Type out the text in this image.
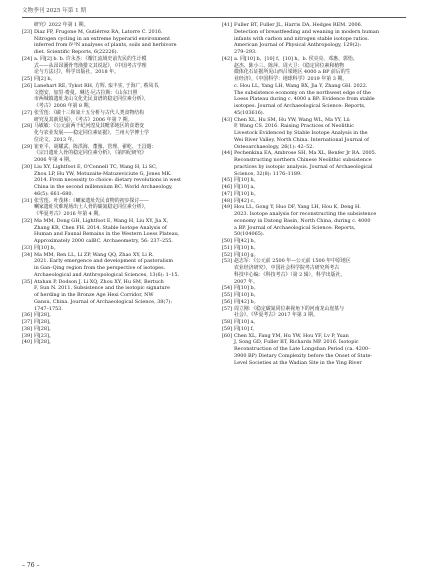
文物季刊 2025 年第 1 期
研究》2022 年第 1 期。
[23] Diaz FP, Frugone M, Gutiérrez RA, Latorre C. 2016.
Nitrogen cycling in an extreme hyperarid environment
inferred from δ¹⁵N analyses of plants, soils and herbivore
diet. Scientific Reports, 6(22226).
[24] a. 同[2] b. b. 许永杰：《瓣江流域史前先民的生计模
式——从昂昂溪骨弯渔猎文其说起》，《中国考古学理
论与方法讨》，科学出版社，2018 年。
[25] 同[2] b。
[26] Lanehart RE, Tykot RH, 方辉, 栾丰实, 于海广, 蔡凤书,
文德安、加里·费曼、琳达·尼古拉斯：《山东日照
市两城镇遗址龙山文化先民食谱的稳定同位素分析》，
《考古》2008 年第 8 期。
[27] 张雪莲：《碳十三和氮十五分析与古代人类食物结构
研究及其新进展》，《考古》2006 年第 7 期。
[28] 马敏敏：《公元前两千纪河湟及其毗邻地区的食谱变
化与农业发展——稳定同位素证据》，兰州大学博士学
位论文，2013 年。
[29] 崔亚平、胡耀武、陈洪海、董豫、管理、翟屹、王昌燧：
《宗日遗址人骨的稳定同位素分析》，《第四纪研究》
2006 年第 4 期。
[30] Liu XY, Lightfoot E, O'Connell TC, Wang H, Li SC,
Zhou LP, Hu YW, Motuzaite-Matuzeviciute G, Jones MK.
2014. From necessity to choice: dietary revolutions in west
China in the second millennium BC. World Archaeology,
46(5): 661–680.
[31] 张雪莲、叶茂林：《喇家遗址先民食物的初步探讨——
喇家遗址灾难现场出土人骨的碳氮稳定同位素分析》，
《华夏考古》2016 年第 4 期。
[32] Ma MM, Dong GH, Lightfoot E, Wang H, Liu XY, Jia X,
Zhang KR, Chen FH. 2014. Stable Isotope Analysis of
Human and Faunal Remains in the Western Loess Plateau,
Approximately 2000 calBC. Archaeometry, 56: 237–255.
[33] 同[10] b。
[34] Ma MM, Ren LL, Li ZP, Wang QQ, Zhao XY, Li R.
2021. Early emergence and development of pastoralism
in Gan–Qing region from the perspective of isotopes.
Archaeological and Anthropological Sciences, 13(6): 1–15.
[35] Atahan P, Dodson J, Li XQ, Zhou XY, Hu SM, Bertuch
F, Sun N. 2011. Subsistence and the isotopic signature
of herding in the Bronze Age Hexi Corridor, NW
Gansu, China. Journal of Archaeological Science, 38(7):
1747–1753.
[36] 同[28]。
[37] 同[28]。
[38] 同[28]。
[39] 同[23]。
[40] 同[28]。
[41] Fuller BT, Fuller JL, Harris DA, Hedges REM. 2006.
Detection of breastfeeding and weaning in modern human
infants with carbon and nitrogen stable isotope ratios.
American Journal of Physical Anthropology, 129(2):
279–293.
[42] a. 同[10] b、[10] f、[10] h。b. 侯亮亮、邓惠、郭怡、
赵杰、陈小三、陈萍、周大卫：《稳定同位素和植物
微体化石证据所见山西吕梁地区 4000 a BP 前后的生
业经济》，《中国科学：地球科学》2019 年第 3 期。
c. Hou LL, Yang LH, Wang BX, Jia Y, Zhang GH. 2022.
The subsistence economy on the northwest edge of the
Loess Plateau during c. 4000 a BP: Evidence from stable
isotopes. Journal of Archaeological Science: Reports,
45(103616).
[43] Chen XL, Hu SM, Hu YW, Wang WL, Ma YY, Lü
P, Wang CS. 2016. Raising Practices of Neolithic
Livestock Evidenced by Stable Isotope Analysis in the
Wei River Valley, North China. International Journal of
Osteoarchaeology, 26(1): 42–52.
[44] Pechenkina EA, Ambrose SH, Ma XL, Benfer Jr RA. 2005.
Reconstructing northern Chinese Neolithic subsistence
practices by isotopic analysis. Journal of Archaeological
Science, 32(8): 1176–1189.
[45] 同[10] h。
[46] 同[10] a。
[47] 同[10] b。
[48] 同[42] c。
[49] Hou LL, Gong Y, Huo DF, Yang LH, Hou K, Deng H.
2023. Isotope analysis for reconstructing the subsistence
economy in Datong Basin, North China, during c. 4000
a BP. Journal of Archaeological Science: Reports,
50(104065).
[50] 同[42] b。
[51] 同[10] h。
[52] 同[10] g。
[53] 赵志军：《公元前 2500 年—公元前 1500 年中原地区
农业经济研究》，中国社会科学院考古研究所考古
科技中心编：《科技考古》（第 2 辑），科学出版社，
2007 年。
[54] 同[10] b。
[55] 同[10] b。
[56] 同[42] b。
[57] 周立刚：《稳定碳氮同位素视角下的河南龙山崖墓与
社会》，《华夏考古》2017 年第 3 期。
[58] 同[10] a。
[59] 同[10] f。
[60] Chen XL, Fang YM, Hu YW, Hou YF, Lv P, Yuan
J, Song GD, Fuller BT, Richards MP. 2016. Isotopic
Reconstruction of the Late Longshan Period (ca. 4200–
3900 BP) Dietary Complexity before the Onset of State-
Level Societies at the Wadian Site in the Ying River
– 76 –
